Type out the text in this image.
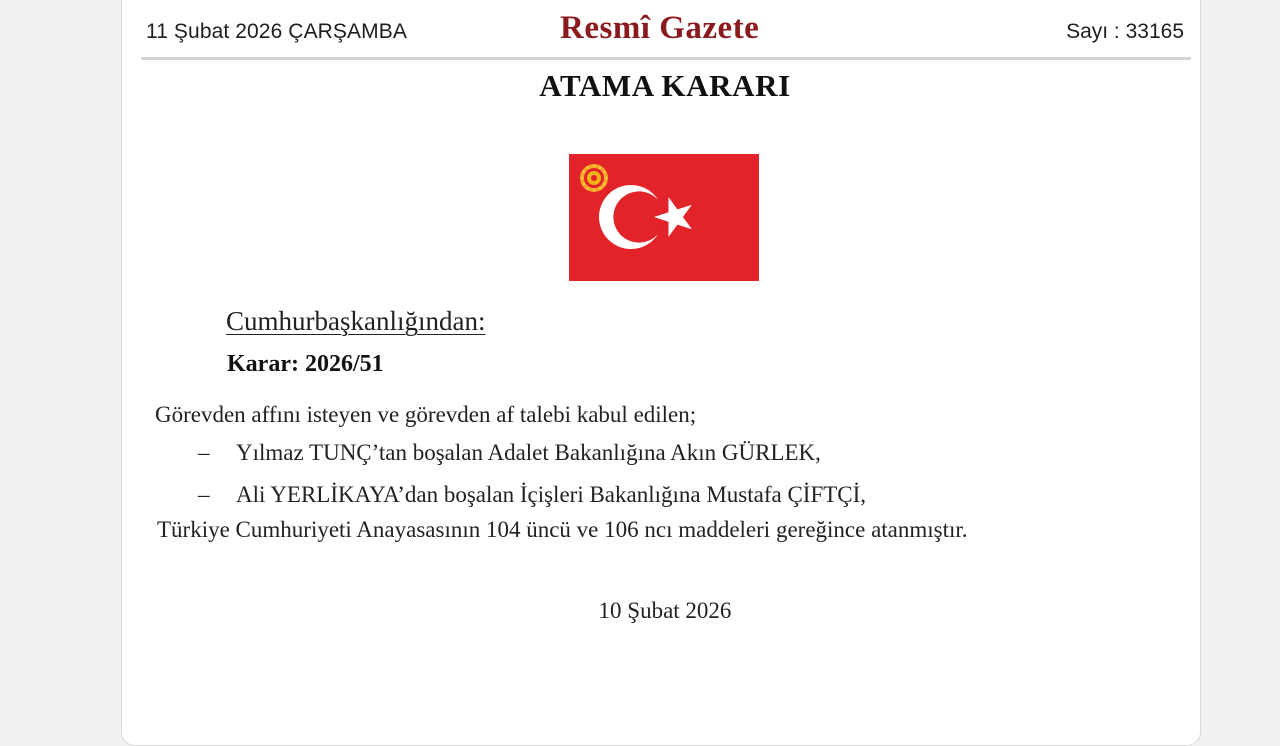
11 Şubat 2026 ÇARŞAMBA	Resmî Gazete	Sayı : 33165
ATAMA KARARI
Cumhurbaşkanlığından:
Karar: 2026/51
Görevden affını isteyen ve görevden af talebi kabul edilen;
– Yılmaz TUNÇ’tan boşalan Adalet Bakanlığına Akın GÜRLEK,
– Ali YERLİKAYA’dan boşalan İçişleri Bakanlığına Mustafa ÇİFTÇİ,
Türkiye Cumhuriyeti Anayasasının 104 üncü ve 106 ncı maddeleri gereğince atanmıştır.
10 Şubat 2026
